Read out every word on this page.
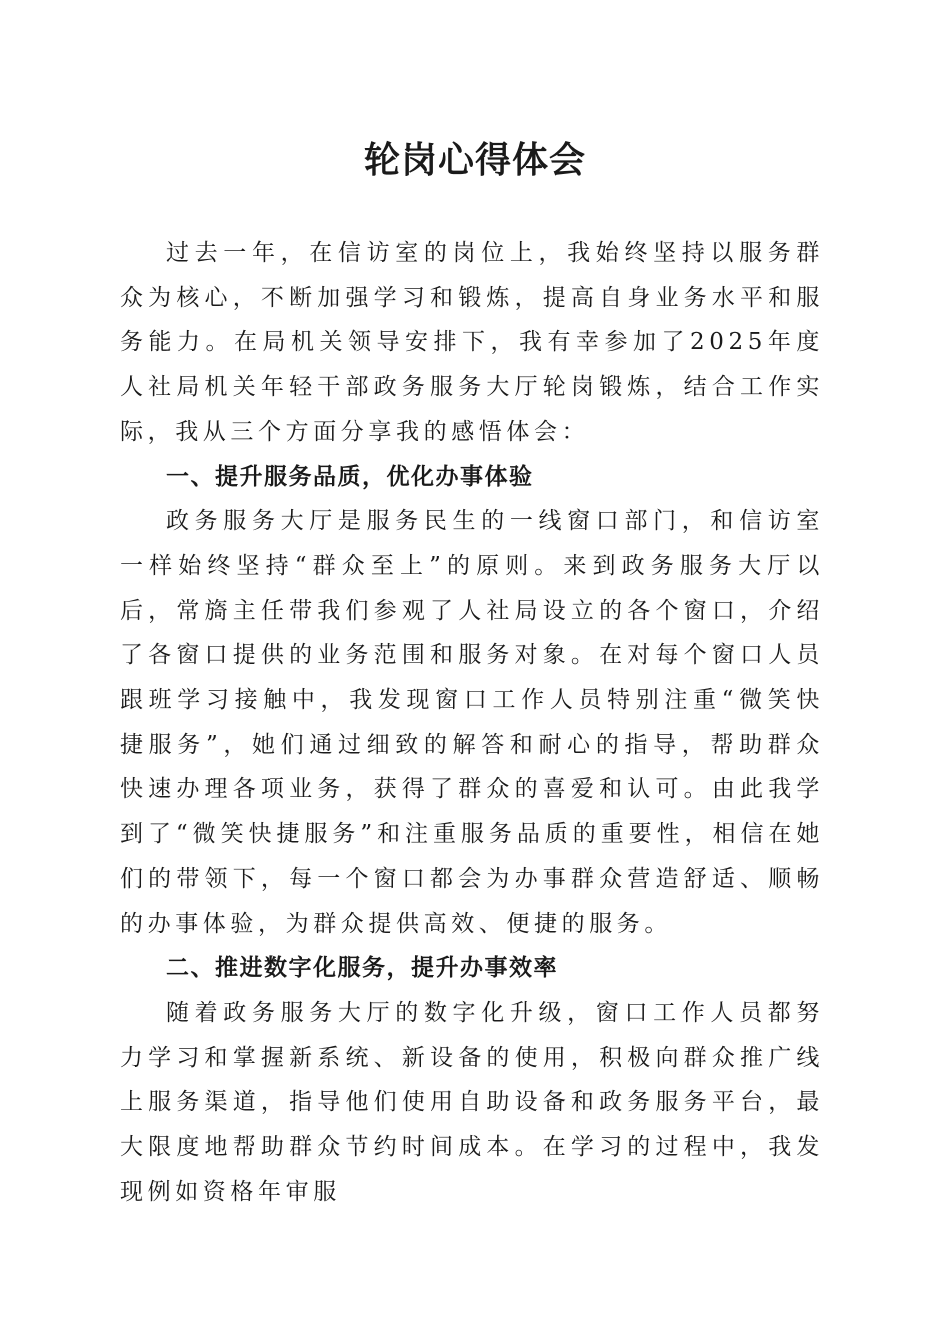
轮岗心得体会

过去一年，在信访室的岗位上，我始终坚持以服务群众为核心，不断加强学习和锻炼，提高自身业务水平和服务能力。在局机关领导安排下，我有幸参加了2025年度人社局机关年轻干部政务服务大厅轮岗锻炼，结合工作实际，我从三个方面分享我的感悟体会：

一、提升服务品质，优化办事体验

政务服务大厅是服务民生的一线窗口部门，和信访室一样始终坚持“群众至上”的原则。来到政务服务大厅以后，常旖主任带我们参观了人社局设立的各个窗口，介绍了各窗口提供的业务范围和服务对象。在对每个窗口人员跟班学习接触中，我发现窗口工作人员特别注重“微笑快捷服务”，她们通过细致的解答和耐心的指导，帮助群众快速办理各项业务，获得了群众的喜爱和认可。由此我学到了“微笑快捷服务”和注重服务品质的重要性，相信在她们的带领下，每一个窗口都会为办事群众营造舒适、顺畅的办事体验，为群众提供高效、便捷的服务。

二、推进数字化服务，提升办事效率

随着政务服务大厅的数字化升级，窗口工作人员都努力学习和掌握新系统、新设备的使用，积极向群众推广线上服务渠道，指导他们使用自助设备和政务服务平台，最大限度地帮助群众节约时间成本。在学习的过程中，我发现例如资格年审服
